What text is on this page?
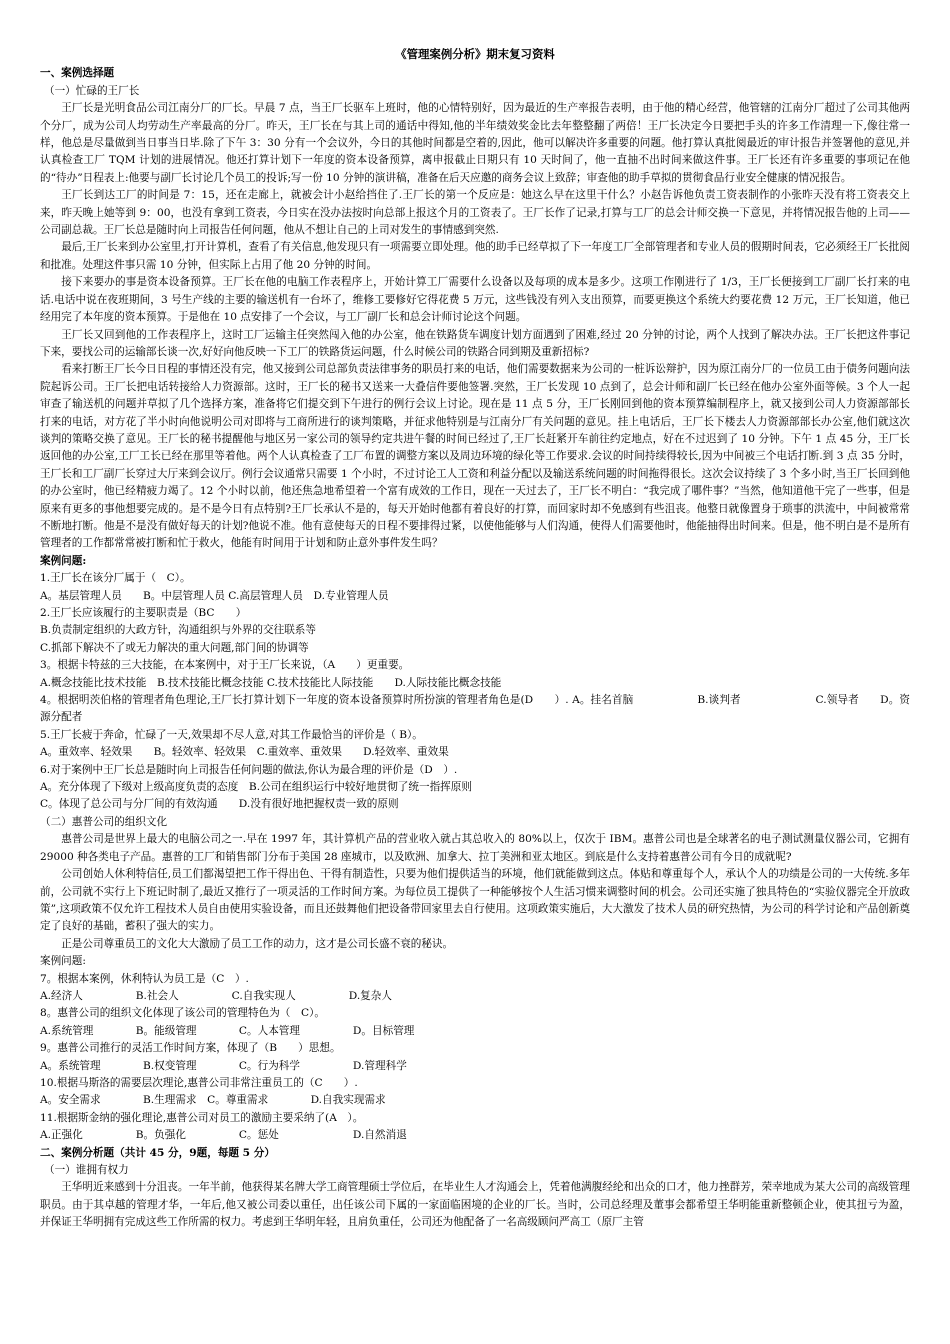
《管理案例分析》期末复习资料

一、案例选择题

（一）忙碌的王厂长

王厂长是光明食品公司江南分厂的厂长。早晨 7 点，当王厂长驱车上班时，他的心情特别好，因为最近的生产率报告表明，由于他的精心经营，他管辖的江南分厂超过了公司其他两个分厂，成为公司人均劳动生产率最高的分厂。昨天，王厂长在与其上司的通话中得知,他的半年绩效奖金比去年整整翻了两倍！王厂长决定今日要把手头的许多工作清理一下,像往常一样，他总是尽量做到当日事当日毕.除了下午 3：30 分有一个会议外，今日的其他时间都是空着的,因此，他可以解决许多重要的问题。他打算认真批阅最近的审计报告并签署他的意见,并认真检查工厂 TQM 计划的进展情况。他还打算计划下一年度的资本设备预算，离申报截止日期只有 10 天时间了，他一直抽不出时间来做这件事。王厂长还有许多重要的事项记在他的“待办”日程表上:他要与副厂长讨论几个员工的投诉;写一份 10 分钟的演讲稿，准备在后天应邀的商务会议上致辞；审查他的助手草拟的贯彻食品行业安全健康的情况报告。

王厂长到达工厂的时间是 7：15，还在走廊上，就被会计小赵给挡住了.王厂长的第一个反应是：她这么早在这里干什么？小赵告诉他负责工资表制作的小张昨天没有将工资表交上来，昨天晚上她等到 9：00，也没有拿到工资表，今日实在没办法按时向总部上报这个月的工资表了。王厂长作了记录,打算与工厂的总会计师交换一下意见，并将情况报告他的上司——公司副总裁。王厂长总是随时向上司报告任何问题，他从不想让自己的上司对发生的事情感到突然.

最后,王厂长来到办公室里,打开计算机，查看了有关信息,他发现只有一项需要立即处理。他的助手已经草拟了下一年度工厂全部管理者和专业人员的假期时间表，它必须经王厂长批阅和批准。处理这件事只需 10 分钟，但实际上占用了他 20 分钟的时间。

接下来要办的事是资本设备预算。王厂长在他的电脑工作表程序上，开始计算工厂需要什么设备以及每项的成本是多少。这项工作刚进行了 1/3，王厂长便接到工厂副厂长打来的电话.电话中说在夜班期间，3 号生产线的主要的输送机有一台坏了，维修工要修好它得花费 5 万元，这些钱没有列入支出预算，而要更换这个系统大约要花费 12 万元，王厂长知道，他已经用完了本年度的资本预算。于是他在 10 点安排了一个会议，与工厂副厂长和总会计师讨论这个问题。

王厂长又回到他的工作表程序上，这时工厂运输主任突然闯入他的办公室，他在铁路货车调度计划方面遇到了困难,经过 20 分钟的讨论，两个人找到了解决办法。王厂长把这件事记下来，要找公司的运输部长谈一次,好好向他反映一下工厂的铁路货运问题，什么时候公司的铁路合同到期及重新招标?

看来打断王厂长今日日程的事情还没有完，他又接到公司总部负责法律事务的职员打来的电话，他们需要数据来为公司的一桩诉讼辩护，因为原江南分厂的一位员工由于债务问题向法院起诉公司。王厂长把电话转接给人力资源部。这时，王厂长的秘书又送来一大叠信件要他签署.突然，王厂长发现 10 点到了，总会计师和副厂长已经在他办公室外面等候。3 个人一起审查了输送机的问题并草拟了几个选择方案，准备将它们提交到下午进行的例行会议上讨论。现在是 11 点 5 分，王厂长刚回到他的资本预算编制程序上，就又接到公司人力资源部部长打来的电话，对方花了半小时向他说明公司对即将与工商所进行的谈判策略，并征求他特别是与江南分厂有关问题的意见。挂上电话后，王厂长下楼去人力资源部部长办公室,他们就这次谈判的策略交换了意见。王厂长的秘书提醒他与地区另一家公司的领导约定共进午餐的时间已经过了,王厂长赶紧开车前往约定地点，好在不过迟到了 10 分钟。下午 1 点 45 分，王厂长返回他的办公室,工厂工长已经在那里等着他。两个人认真检查了工厂布置的调整方案以及周边环境的绿化等工作要求.会议的时间持续得较长,因为中间被三个电话打断.到 3 点 35 分时，王厂长和工厂副厂长穿过大厅来到会议厅。例行会议通常只需要 1 个小时，不过讨论工人工资和利益分配以及输送系统问题的时间拖得很长。这次会议持续了 3 个多小时,当王厂长回到他的办公室时，他已经精疲力竭了。12 个小时以前，他还焦急地希望着一个富有成效的工作日，现在一天过去了，王厂长不明白：“我完成了哪件事？”当然，他知道他干完了一些事，但是原来有更多的事他想要完成的。是不是今日有点特别?王厂长承认不是的，每天开始时他都有着良好的打算，而回家时却不免感到有些沮丧。他整日就像置身于琐事的洪流中，中间被常常不断地打断。他是不是没有做好每天的计划?他说不准。他有意使每天的日程不要排得过紧，以使他能够与人们沟通，使得人们需要他时，他能抽得出时间来。但是，他不明白是不是所有管理者的工作都常常被打断和忙于救火，他能有时间用于计划和防止意外事件发生吗？

案例问题:

1.王厂长在该分厂属于（　C）。

A。基层管理人员　　B。中层管理人员 C.高层管理人员　D.专业管理人员

2.王厂长应该履行的主要职责是（BC　　）

B.负责制定组织的大政方针，沟通组织与外界的交往联系等

C.抓部下解决不了或无力解决的重大问题,部门间的协调等

3。根据卡特兹的三大技能，在本案例中，对于王厂长来说，（A　　）更重要。

A.概念技能比技术技能　B.技术技能比概念技能 C.技术技能比人际技能　　D.人际技能比概念技能

4。根据明茨伯格的管理者角色理论,王厂长打算计划下一年度的资本设备预算时所扮演的管理者角色是(D　　）. A。挂名首脑　　　　　　B.谈判者　　　　　　　C.领导者　　D。资源分配者

5.王厂长疲于奔命，忙碌了一天,效果却不尽人意,对其工作最恰当的评价是（ B）。

A。重效率、轻效果　　B。轻效率、轻效果　C.重效率、重效果　　D.轻效率、重效果

6.对于案例中王厂长总是随时向上司报告任何问题的做法,你认为最合理的评价是（D　）.

A。充分体现了下级对上级高度负责的态度　B.公司在组织运行中较好地贯彻了统一指挥原则

C。体现了总公司与分厂间的有效沟通　　D.没有很好地把握权责一致的原则

（二）惠普公司的组织文化

惠普公司是世界上最大的电脑公司之一.早在 1997 年，其计算机产品的营业收入就占其总收入的 80%以上，仅次于 IBM。惠普公司也是全球著名的电子测试测量仪器公司，它拥有 29000 种各类电子产品。惠普的工厂和销售部门分布于美国 28 座城市，以及欧洲、加拿大、拉丁美洲和亚太地区。到底是什么支持着惠普公司有今日的成就呢?

公司创始人休利特信任,员工们都渴望把工作干得出色、干得有制造性，只要为他们提供适当的环境，他们就能做到这点。体贴和尊重每个人，承认个人的功绩是公司的一大传统.多年前，公司就不实行上下班记时制了,最近又推行了一项灵活的工作时间方案。为每位员工提供了一种能够按个人生活习惯来调整时间的机会。公司还实施了独具特色的“实验仪器完全开放政策”,这项政策不仅允许工程技术人员自由使用实验设备，而且还鼓舞他们把设备带回家里去自行使用。这项政策实施后，大大激发了技术人员的研究热情，为公司的科学讨论和产品创新奠定了良好的基础，蓄积了强大的实力。

正是公司尊重员工的文化大大激励了员工工作的动力，这才是公司长盛不衰的秘诀。

案例问题:

7。根据本案例，休利特认为员工是（C　）.

A.经济人　　　　　B.社会人　　　　　C.自我实现人　　　　　D.复杂人

8。惠普公司的组织文化体现了该公司的管理特色为（　C）。

A.系统管理　　　　B。能级管理　　　　C。人本管理　　　　　D。目标管理

9。惠普公司推行的灵活工作时间方案，体现了（B　　）思想。

A。系统管理　　　　B.权变管理　　　　C。行为科学　　　　　D.管理科学

10.根据马斯洛的需要层次理论,惠普公司非常注重员工的（C　　）.

A。安全需求　　　　B.生理需求　C。尊重需求　　　　D.自我实现需求

11.根据斯金纳的强化理论,惠普公司对员工的激励主要采纳了(A　）。

A.正强化　　　　　B。负强化　　　　　C。惩处　　　　　　　D.自然消退

二、案例分析题（共计 45 分，9题，每题 5 分）

（一）谁拥有权力

王华明近来感到十分沮丧。一年半前，他获得某名牌大学工商管理硕士学位后，在毕业生人才沟通会上，凭着他满腹经纶和出众的口才，他力挫群芳，荣幸地成为某大公司的高级管理职员。由于其卓越的管理才华，一年后,他又被公司委以重任，出任该公司下属的一家面临困境的企业的厂长。当时，公司总经理及董事会都希望王华明能重新整顿企业，使其扭亏为盈，并保证王华明拥有完成这些工作所需的权力。考虑到王华明年轻，且肩负重任，公司还为他配备了一名高级顾问严高工（原厂主管
